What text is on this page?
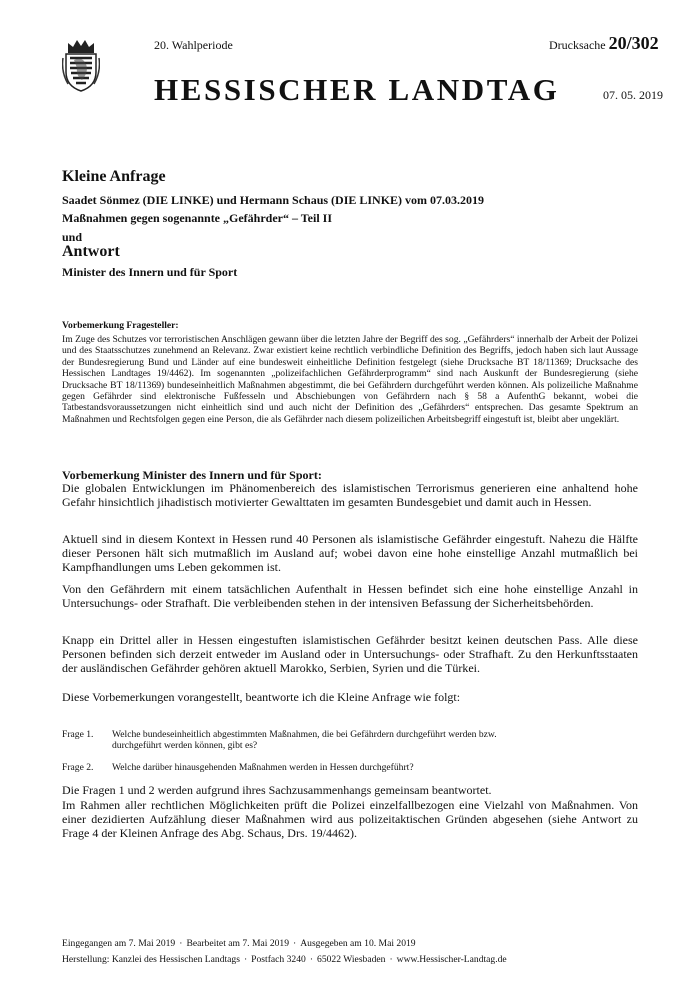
20. Wahlperiode	Drucksache 20/302
HESSISCHER LANDTAG	07. 05. 2019
Kleine Anfrage
Saadet Sönmez (DIE LINKE) und Hermann Schaus (DIE LINKE) vom 07.03.2019
Maßnahmen gegen sogenannte „Gefährder“ – Teil II
und
Antwort
Minister des Innern und für Sport
Vorbemerkung Fragesteller:
Im Zuge des Schutzes vor terroristischen Anschlägen gewann über die letzten Jahre der Begriff des sog. „Gefährders“ innerhalb der Arbeit der Polizei und des Staatsschutzes zunehmend an Relevanz. Zwar existiert keine rechtlich verbindliche Definition des Begriffs, jedoch haben sich laut Aussage der Bundesregierung Bund und Länder auf eine bundesweit einheitliche Definition festgelegt (siehe Drucksache BT 18/11369; Drucksache des Hessischen Landtages 19/4462). Im sogenannten „polizeifachlichen Gefährderprogramm“ sind nach Auskunft der Bundesregierung (siehe Drucksache BT 18/11369) bundeseinheitlich Maßnahmen abgestimmt, die bei Gefährdern durchgeführt werden können. Als polizeiliche Maßnahme gegen Gefährder sind elektronische Fußfesseln und Abschiebungen von Gefährdern nach § 58 a AufenthG bekannt, wobei die Tatbestandsvoraussetzungen nicht einheitlich sind und auch nicht der Definition des „Gefährders“ entsprechen. Das gesamte Spektrum an Maßnahmen und Rechtsfolgen gegen eine Person, die als Gefährder nach diesem polizeilichen Arbeitsbegriff eingestuft ist, bleibt aber ungeklärt.
Vorbemerkung Minister des Innern und für Sport:
Die globalen Entwicklungen im Phänomenbereich des islamistischen Terrorismus generieren eine anhaltend hohe Gefahr hinsichtlich jihadistisch motivierter Gewalttaten im gesamten Bundesgebiet und damit auch in Hessen.
Aktuell sind in diesem Kontext in Hessen rund 40 Personen als islamistische Gefährder eingestuft. Nahezu die Hälfte dieser Personen hält sich mutmaßlich im Ausland auf; wobei davon eine hohe einstellige Anzahl mutmaßlich bei Kampfhandlungen ums Leben gekommen ist.
Von den Gefährdern mit einem tatsächlichen Aufenthalt in Hessen befindet sich eine hohe einstellige Anzahl in Untersuchungs- oder Strafhaft. Die verbleibenden stehen in der intensiven Befassung der Sicherheitsbehörden.
Knapp ein Drittel aller in Hessen eingestuften islamistischen Gefährder besitzt keinen deutschen Pass. Alle diese Personen befinden sich derzeit entweder im Ausland oder in Untersuchungs- oder Strafhaft. Zu den Herkunftsstaaten der ausländischen Gefährder gehören aktuell Marokko, Serbien, Syrien und die Türkei.
Diese Vorbemerkungen vorangestellt, beantworte ich die Kleine Anfrage wie folgt:
Frage 1.	Welche bundeseinheitlich abgestimmten Maßnahmen, die bei Gefährdern durchgeführt werden bzw. durchgeführt werden können, gibt es?
Frage 2.	Welche darüber hinausgehenden Maßnahmen werden in Hessen durchgeführt?
Die Fragen 1 und 2 werden aufgrund ihres Sachzusammenhangs gemeinsam beantwortet.
Im Rahmen aller rechtlichen Möglichkeiten prüft die Polizei einzelfallbezogen eine Vielzahl von Maßnahmen. Von einer dezidierten Aufzählung dieser Maßnahmen wird aus polizeitaktischen Gründen abgesehen (siehe Antwort zu Frage 4 der Kleinen Anfrage des Abg. Schaus, Drs. 19/4462).
Eingegangen am 7. Mai 2019 · Bearbeitet am 7. Mai 2019 · Ausgegeben am 10. Mai 2019
Herstellung: Kanzlei des Hessischen Landtags · Postfach 3240 · 65022 Wiesbaden · www.Hessischer-Landtag.de
